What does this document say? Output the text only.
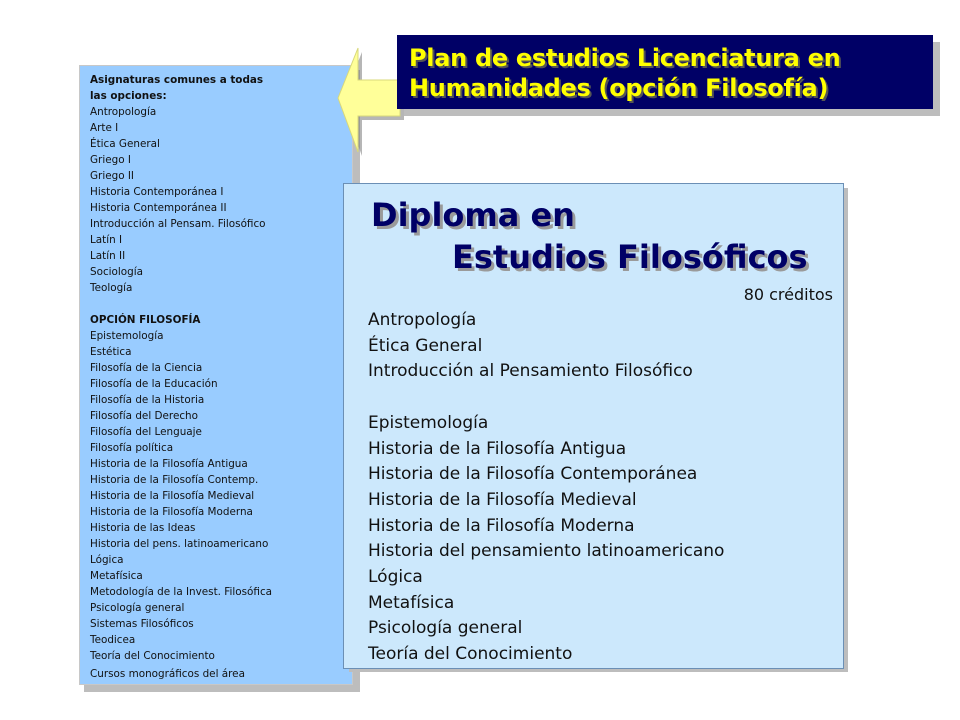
Asignaturas comunes a todas
las opciones:
Antropología
Arte I
Ética General
Griego I
Griego II
Historia Contemporánea I
Historia Contemporánea II
Introducción al Pensam. Filosófico
Latín I
Latín II
Sociología
Teología
OPCIÓN FILOSOFÍA
Epistemología
Estética
Filosofía de la Ciencia
Filosofía de la Educación
Filosofía de la Historia
Filosofía del Derecho
Filosofía del Lenguaje
Filosofía política
Historia de la Filosofía Antigua
Historia de la Filosofía Contemp.
Historia de la Filosofía Medieval
Historia de la Filosofía Moderna
Historia de las Ideas
Historia del pens. latinoamericano
Lógica
Metafísica
Metodología de la Invest. Filosófica
Psicología general
Sistemas Filosóficos
Teodicea
Teoría del Conocimiento
Cursos monográficos del área
Plan de estudios Licenciatura en
Humanidades (opción Filosofía)
Diploma en
Estudios Filosóficos
80 créditos
Antropología
Ética General
Introducción al Pensamiento Filosófico
Epistemología
Historia de la Filosofía Antigua
Historia de la Filosofía Contemporánea
Historia de la Filosofía Medieval
Historia de la Filosofía Moderna
Historia del pensamiento latinoamericano
Lógica
Metafísica
Psicología general
Teoría del Conocimiento
